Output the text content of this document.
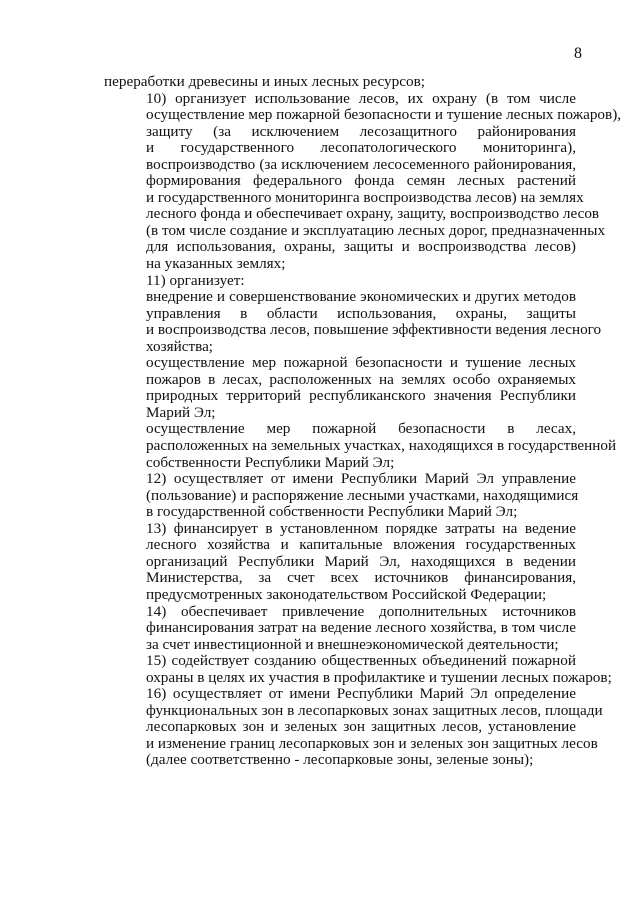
8

переработки древесины и иных лесных ресурсов;

10) организует использование лесов, их охрану (в том числе
осуществление мер пожарной безопасности и тушение лесных пожаров),
защиту (за исключением лесозащитного районирования
и государственного лесопатологического мониторинга),
воспроизводство (за исключением лесосеменного районирования,
формирования федерального фонда семян лесных растений
и государственного мониторинга воспроизводства лесов) на землях
лесного фонда и обеспечивает охрану, защиту, воспроизводство лесов
(в том числе создание и эксплуатацию лесных дорог, предназначенных
для использования, охраны, защиты и воспроизводства лесов)
на указанных землях;

11) организует:

внедрение и совершенствование экономических и других методов
управления в области использования, охраны, защиты
и воспроизводства лесов, повышение эффективности ведения лесного
хозяйства;

осуществление мер пожарной безопасности и тушение лесных
пожаров в лесах, расположенных на землях особо охраняемых
природных территорий республиканского значения Республики
Марий Эл;

осуществление мер пожарной безопасности в лесах,
расположенных на земельных участках, находящихся в государственной
собственности Республики Марий Эл;

12) осуществляет от имени Республики Марий Эл управление
(пользование) и распоряжение лесными участками, находящимися
в государственной собственности Республики Марий Эл;

13) финансирует в установленном порядке затраты на ведение
лесного хозяйства и капитальные вложения государственных
организаций Республики Марий Эл, находящихся в ведении
Министерства, за счет всех источников финансирования,
предусмотренных законодательством Российской Федерации;

14) обеспечивает привлечение дополнительных источников
финансирования затрат на ведение лесного хозяйства, в том числе
за счет инвестиционной и внешнеэкономической деятельности;

15) содействует созданию общественных объединений пожарной
охраны в целях их участия в профилактике и тушении лесных пожаров;

16) осуществляет от имени Республики Марий Эл определение
функциональных зон в лесопарковых зонах защитных лесов, площади
лесопарковых зон и зеленых зон защитных лесов, установление
и изменение границ лесопарковых зон и зеленых зон защитных лесов
(далее соответственно - лесопарковые зоны, зеленые зоны);
